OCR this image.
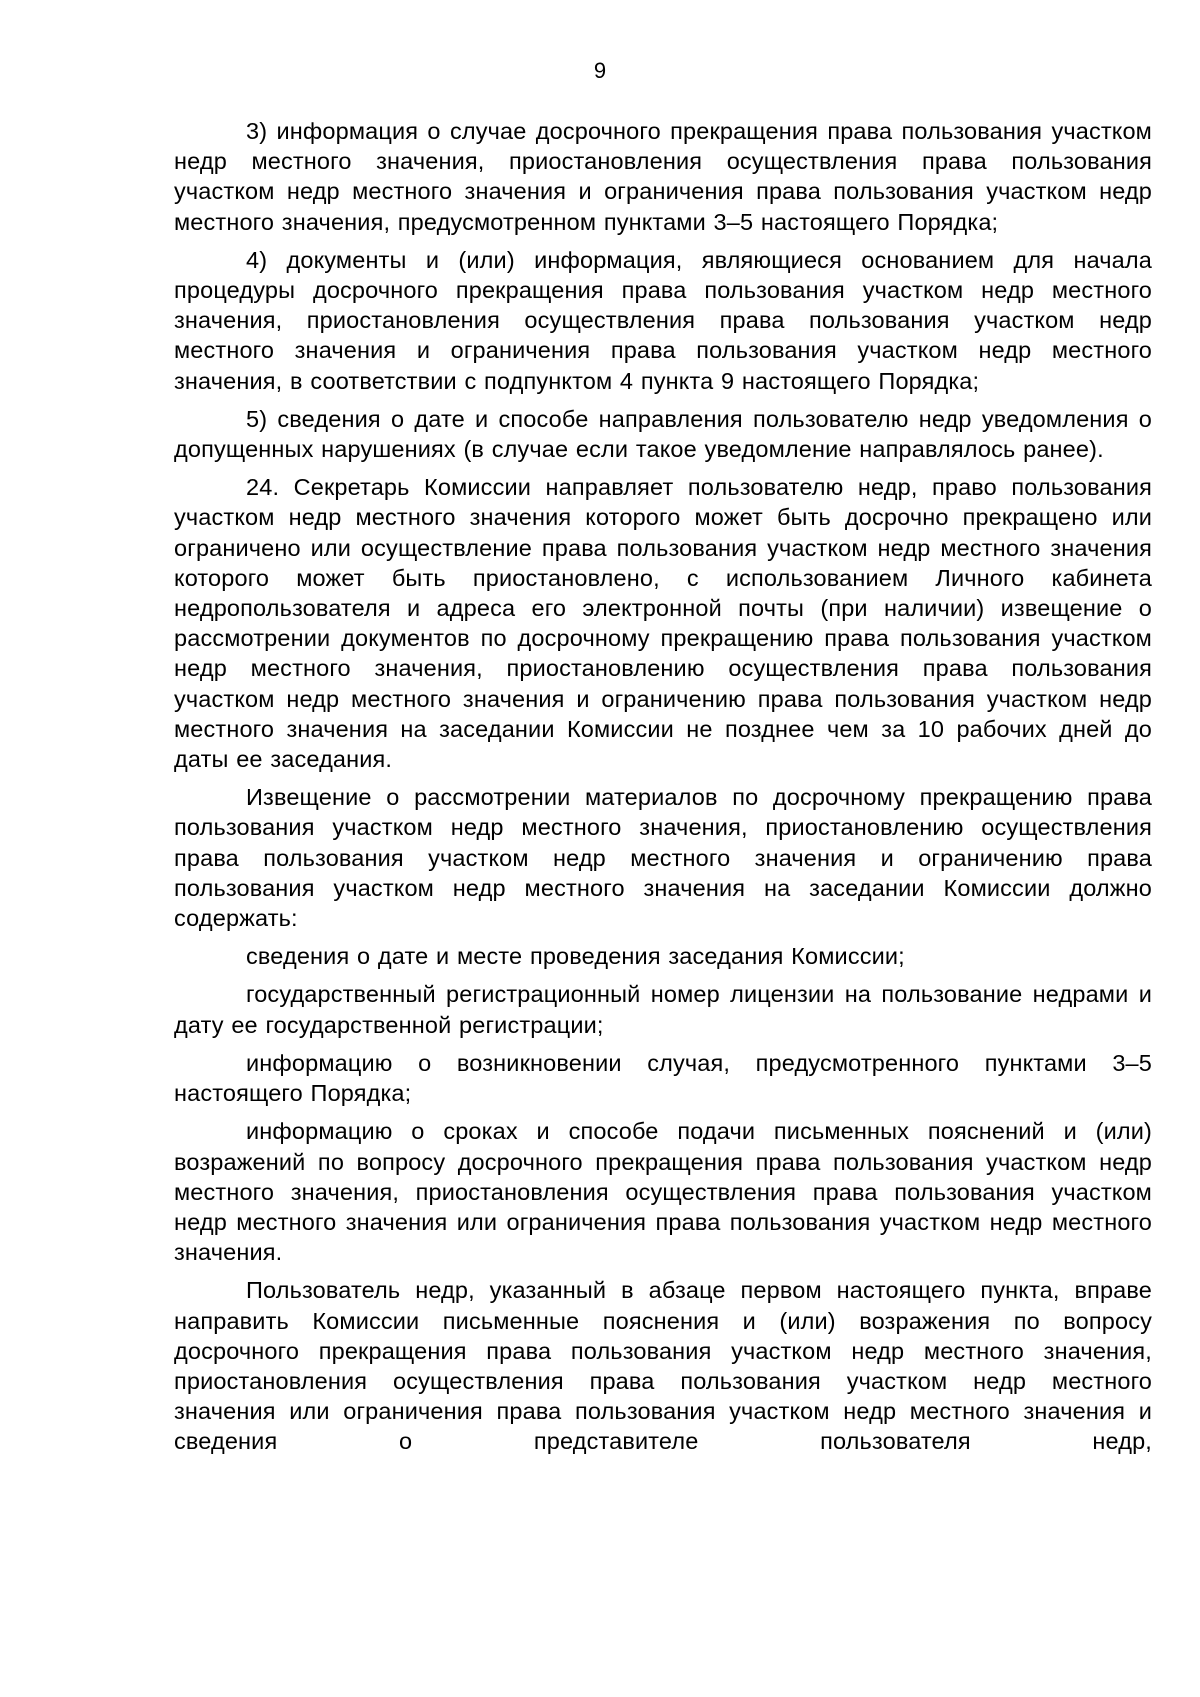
9

3) информация о случае досрочного прекращения права пользования участком недр местного значения, приостановления осуществления права пользования участком недр местного значения и ограничения права пользования участком недр местного значения, предусмотренном пунктами 3–5 настоящего Порядка;

4) документы и (или) информация, являющиеся основанием для начала процедуры досрочного прекращения права пользования участком недр местного значения, приостановления осуществления права пользования участком недр местного значения и ограничения права пользования участком недр местного значения, в соответствии с подпунктом 4 пункта 9 настоящего Порядка;

5) сведения о дате и способе направления пользователю недр уведомления о допущенных нарушениях (в случае если такое уведомление направлялось ранее).

24. Секретарь Комиссии направляет пользователю недр, право пользования участком недр местного значения которого может быть досрочно прекращено или ограничено или осуществление права пользования участком недр местного значения которого может быть приостановлено, с использованием Личного кабинета недропользователя и адреса его электронной почты (при наличии) извещение о рассмотрении документов по досрочному прекращению права пользования участком недр местного значения, приостановлению осуществления права пользования участком недр местного значения и ограничению права пользования участком недр местного значения на заседании Комиссии не позднее чем за 10 рабочих дней до даты ее заседания.

Извещение о рассмотрении материалов по досрочному прекращению права пользования участком недр местного значения, приостановлению осуществления права пользования участком недр местного значения и ограничению права пользования участком недр местного значения на заседании Комиссии должно содержать:

сведения о дате и месте проведения заседания Комиссии;

государственный регистрационный номер лицензии на пользование недрами и дату ее государственной регистрации;

информацию о возникновении случая, предусмотренного пунктами 3–5 настоящего Порядка;

информацию о сроках и способе подачи письменных пояснений и (или) возражений по вопросу досрочного прекращения права пользования участком недр местного значения, приостановления осуществления права пользования участком недр местного значения или ограничения права пользования участком недр местного значения.

Пользователь недр, указанный в абзаце первом настоящего пункта, вправе направить Комиссии письменные пояснения и (или) возражения по вопросу досрочного прекращения права пользования участком недр местного значения, приостановления осуществления права пользования участком недр местного значения или ограничения права пользования участком недр местного значения и сведения о представителе пользователя недр,
